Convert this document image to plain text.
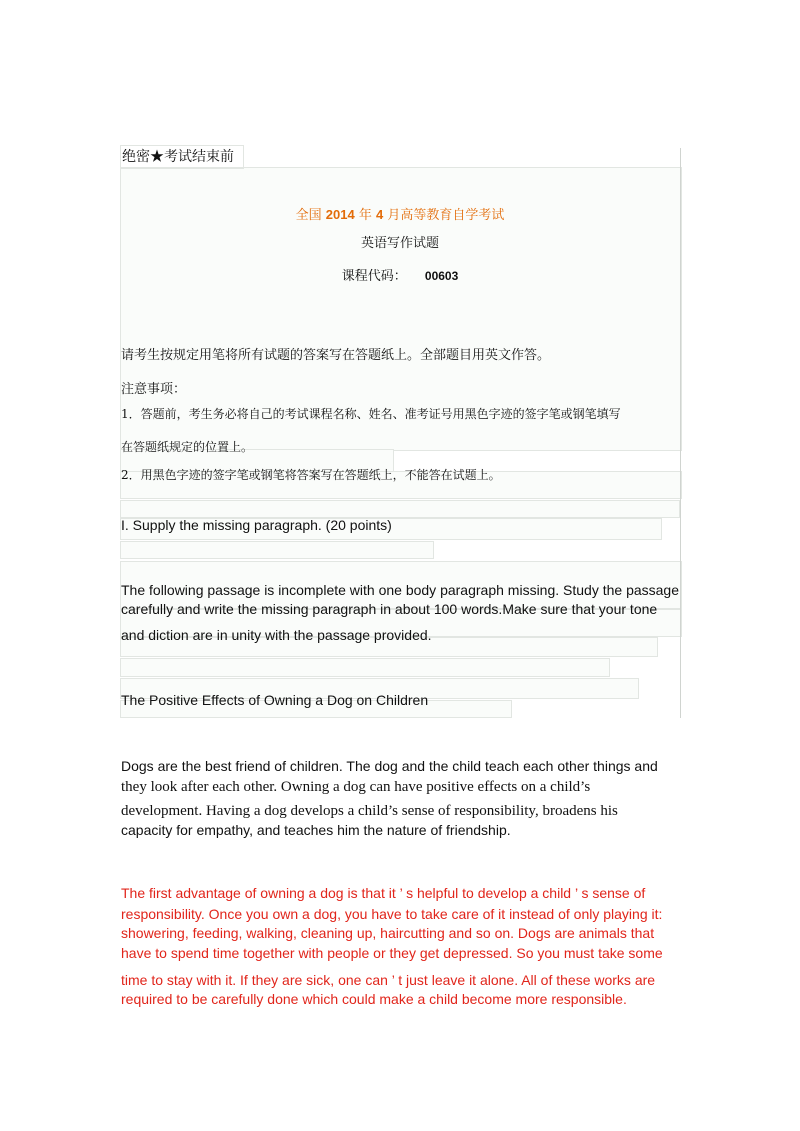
绝密★考试结束前
全国 2014 年 4 月高等教育自学考试
英语写作试题
课程代码： 00603
请考生按规定用笔将所有试题的答案写在答题纸上。全部题目用英文作答。
注意事项：
1．答题前，考生务必将自己的考试课程名称、姓名、准考证号用黑色字迹的签字笔或钢笔填写
在答题纸规定的位置上。
2．用黑色字迹的签字笔或钢笔将答案写在答题纸上，不能答在试题上。
I. Supply the missing paragraph. (20 points)
The following passage is incomplete with one body paragraph missing. Study the passage
carefully and write the missing paragraph in about 100 words.Make sure that your tone
and diction are in unity with the passage provided.
The Positive Effects of Owning a Dog on Children
Dogs are the best friend of children. The dog and the child teach each other things and
they look after each other. Owning a dog can have positive effects on a child’s
development. Having a dog develops a child’s sense of responsibility, broadens his
capacity for empathy, and teaches him the nature of friendship.
The first advantage of owning a dog is that it ’ s helpful to develop a child ’ s sense of
responsibility. Once you own a dog, you have to take care of it instead of only playing it:
showering, feeding, walking, cleaning up, haircutting and so on. Dogs are animals that
have to spend time together with people or they get depressed. So you must take some
time to stay with it. If they are sick, one can ’ t just leave it alone. All of these works are
required to be carefully done which could make a child become more responsible.
